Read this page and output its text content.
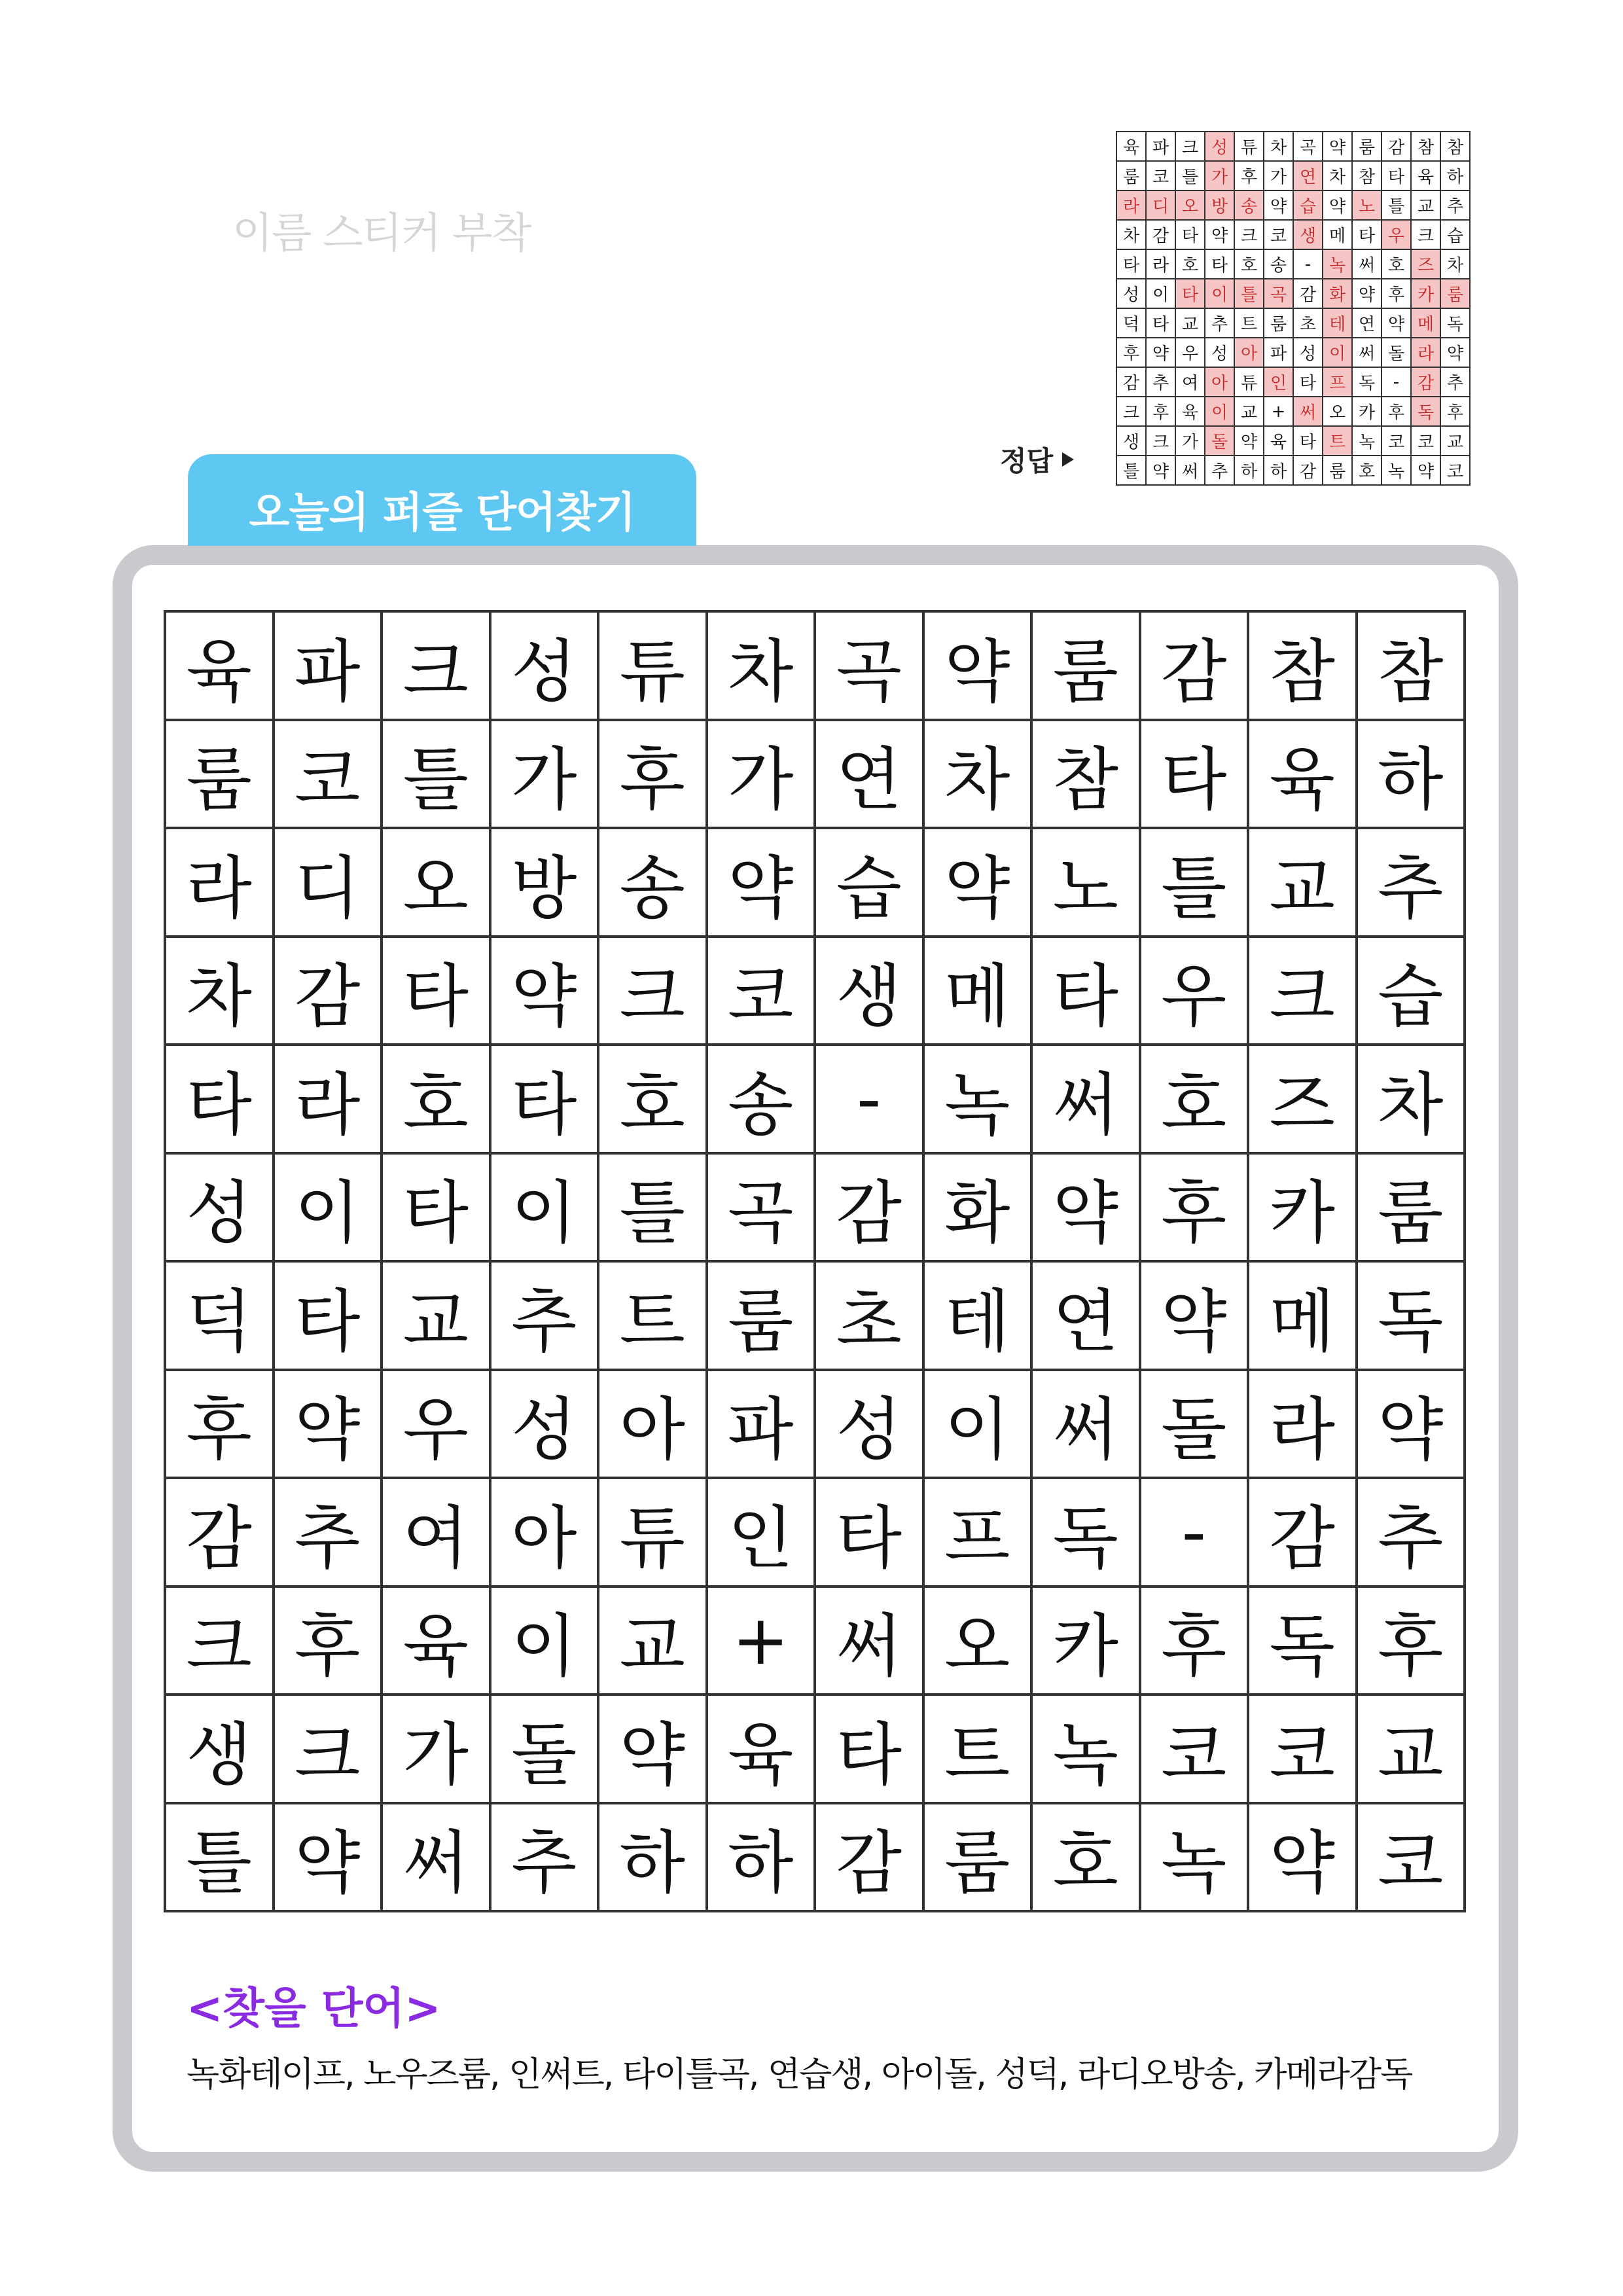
이름 스티커 부착
정답
육 파 크 성 튜 차 곡 약 룸 감 참 참
룸 코 틀 가 후 가 연 차 참 타 육 하
라 디 오 방 송 약 습 약 노 틀 교 추
차 감 타 약 크 코 생 메 타 우 크 습
타 라 호 타 호 송	-	녹 써 호 즈 차
성 이 타 이 틀 곡 감 화 약 후 카 룸
덕 타 교 추 트 룸 초 테 연 약 메 독
후 약 우 성 아 파 성 이 써 돌 라 약
감 추 여 아 튜 인 타 프 독	-	감 추
크 후 육 이 교 + 써 오 카 후 독 후
생 크 가 돌 약 육 타 트 녹 코 코 교
틀 약 써 추 하 하 감 룸 호 녹 약 코
오늘의 퍼즐 단어찾기
육 파 크 성 튜 차 곡 약 룸 감 참 참
룸 코 틀 가 후 가 연 차 참 타 육 하
라 디 오 방 송 약 습 약 노 틀 교 추
차 감 타 약 크 코 생 메 타 우 크 습
타 라 호 타 호 송 - 녹 써 호 즈 차
성 이 타 이 틀 곡 감 화 약 후 카 룸
덕 타 교 추 트 룸 초 테 연 약 메 독
후 약 우 성 아 파 성 이 써 돌 라 약
감 추 여 아 튜 인 타 프 독 - 감 추
크 후 육 이 교 + 써 오 카 후 독 후
생 크 가 돌 약 육 타 트 녹 코 코 교
틀 약 써 추 하 하 감 룸 호 녹 약 코
<찾을 단어>
녹화테이프, 노우즈룸, 인써트, 타이틀곡, 연습생, 아이돌, 성덕, 라디오방송, 카메라감독
